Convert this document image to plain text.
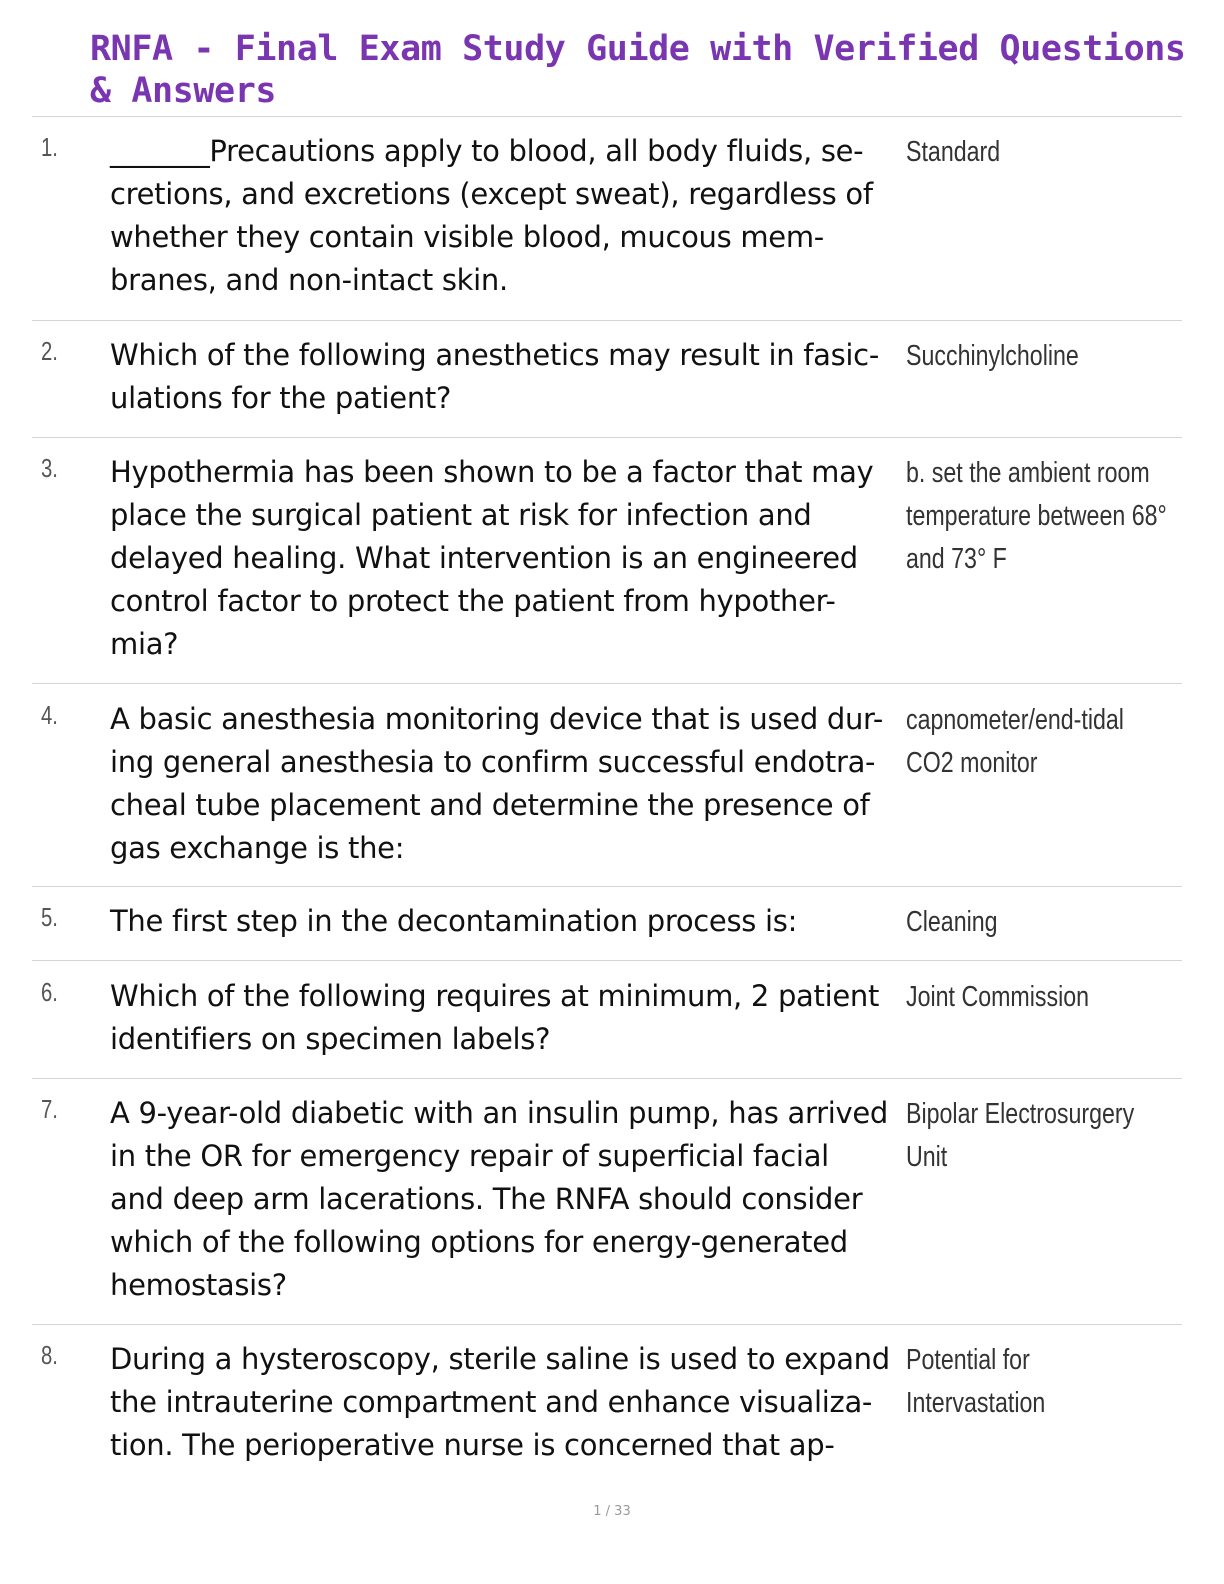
RNFA - Final Exam Study Guide with Verified Questions & Answers
1. _______Precautions apply to blood, all body fluids, se-
cretions, and excretions (except sweat), regardless of
whether they contain visible blood, mucous mem-
branes, and non-intact skin.
Standard
2. Which of the following anesthetics may result in fasic-
ulations for the patient?
Succhinylcholine
3. Hypothermia has been shown to be a factor that may
place the surgical patient at risk for infection and
delayed healing. What intervention is an engineered
control factor to protect the patient from hypother-
mia?
b. set the ambient room
temperature between 68°
and 73° F
4. A basic anesthesia monitoring device that is used dur-
ing general anesthesia to confirm successful endotra-
cheal tube placement and determine the presence of
gas exchange is the:
capnometer/end-tidal
CO2 monitor
5. The first step in the decontamination process is:	Cleaning
6. Which of the following requires at minimum, 2 patient
identifiers on specimen labels?
Joint Commission
7. A 9-year-old diabetic with an insulin pump, has arrived
in the OR for emergency repair of superficial facial
and deep arm lacerations. The RNFA should consider
which of the following options for energy-generated
hemostasis?
Bipolar Electrosurgery
Unit
8. During a hysteroscopy, sterile saline is used to expand
the intrauterine compartment and enhance visualiza-
tion. The perioperative nurse is concerned that ap-
Potential for Intervastation
1 / 33
